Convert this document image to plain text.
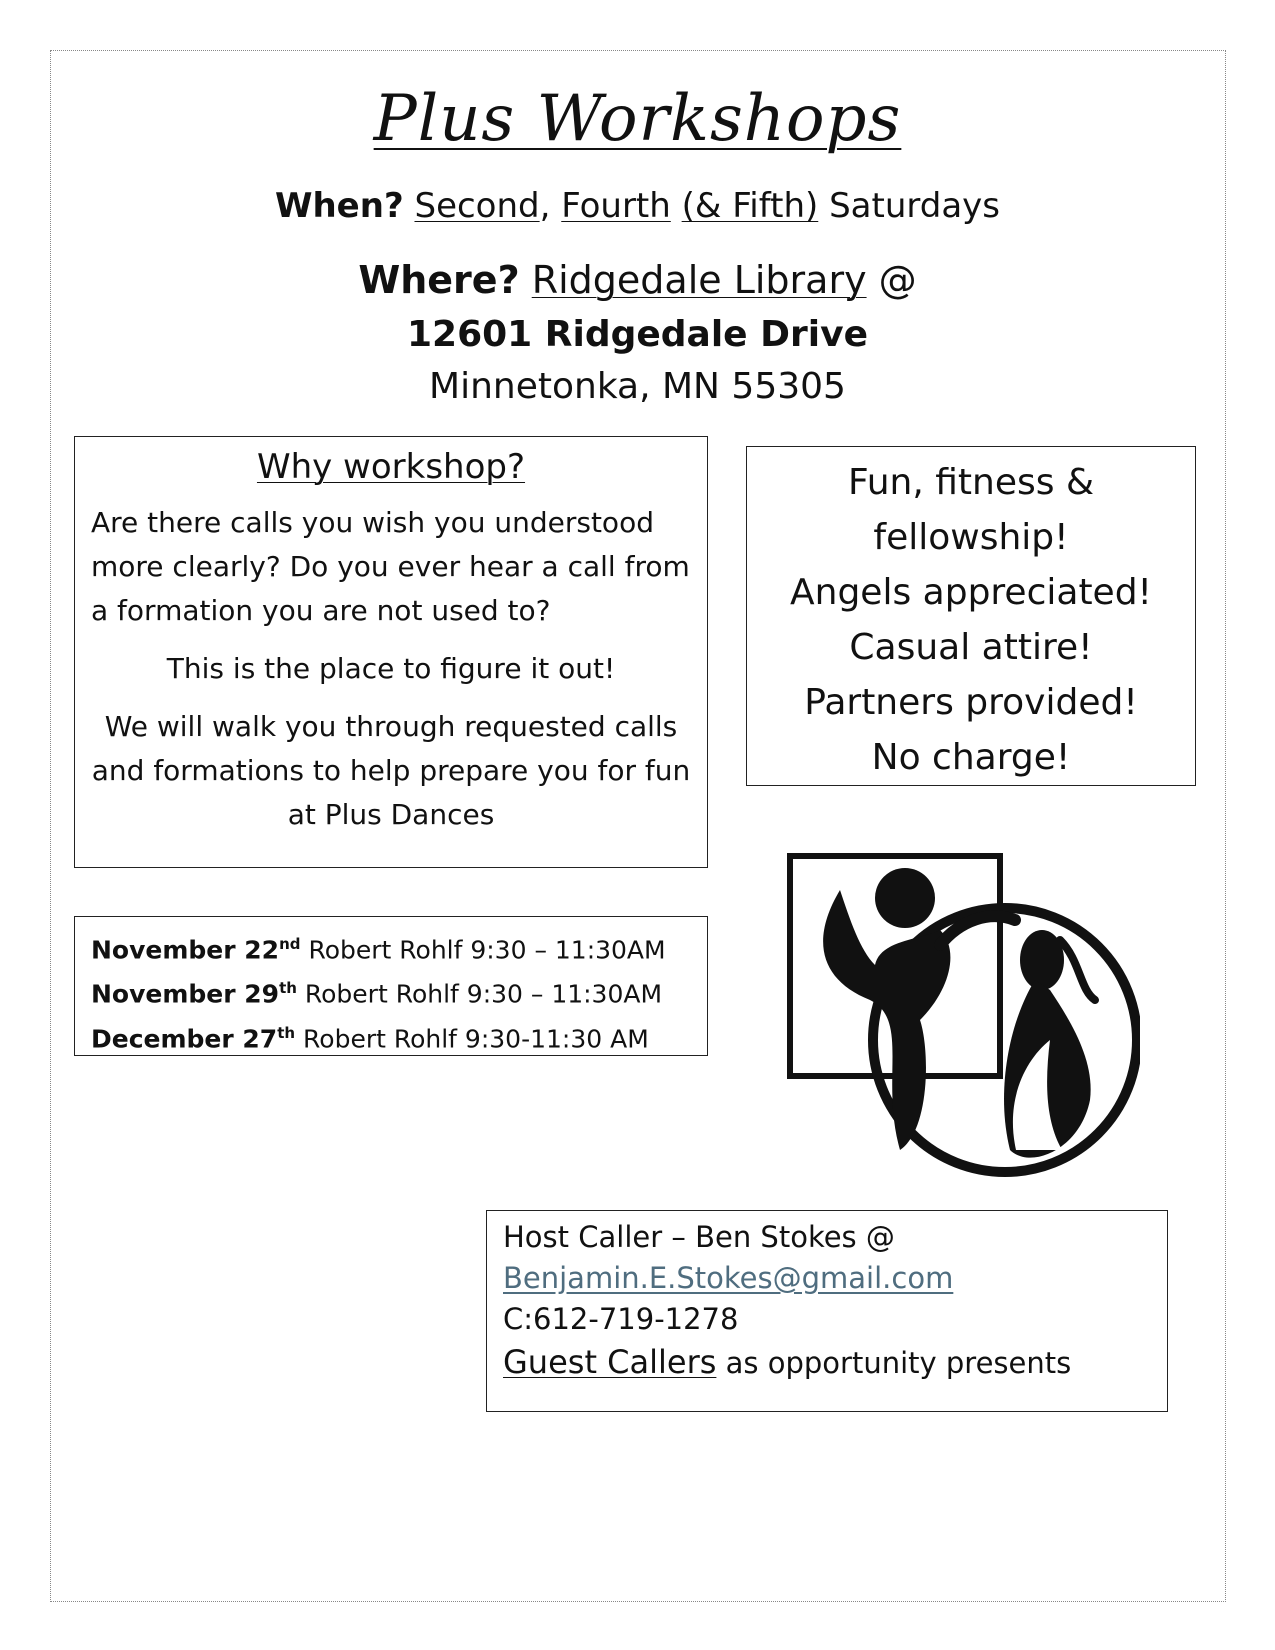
Plus Workshops
When? Second, Fourth (& Fifth) Saturdays
Where? Ridgedale Library @
12601 Ridgedale Drive
Minnetonka, MN 55305
Why workshop?

Are there calls you wish you understood more clearly? Do you ever hear a call from a formation you are not used to?

This is the place to figure it out!

We will walk you through requested calls and formations to help prepare you for fun at Plus Dances

Fun, fitness &

fellowship!

Angels appreciated!

Casual attire!

Partners provided!

No charge!

November 22nd Robert Rohlf 9:30 – 11:30AM
November 29th Robert Rohlf 9:30 – 11:30AM
December 27th Robert Rohlf 9:30-11:30 AM
Host Caller – Ben Stokes @
Benjamin.E.Stokes@gmail.com
C:612-719-1278
Guest Callers as opportunity presents
